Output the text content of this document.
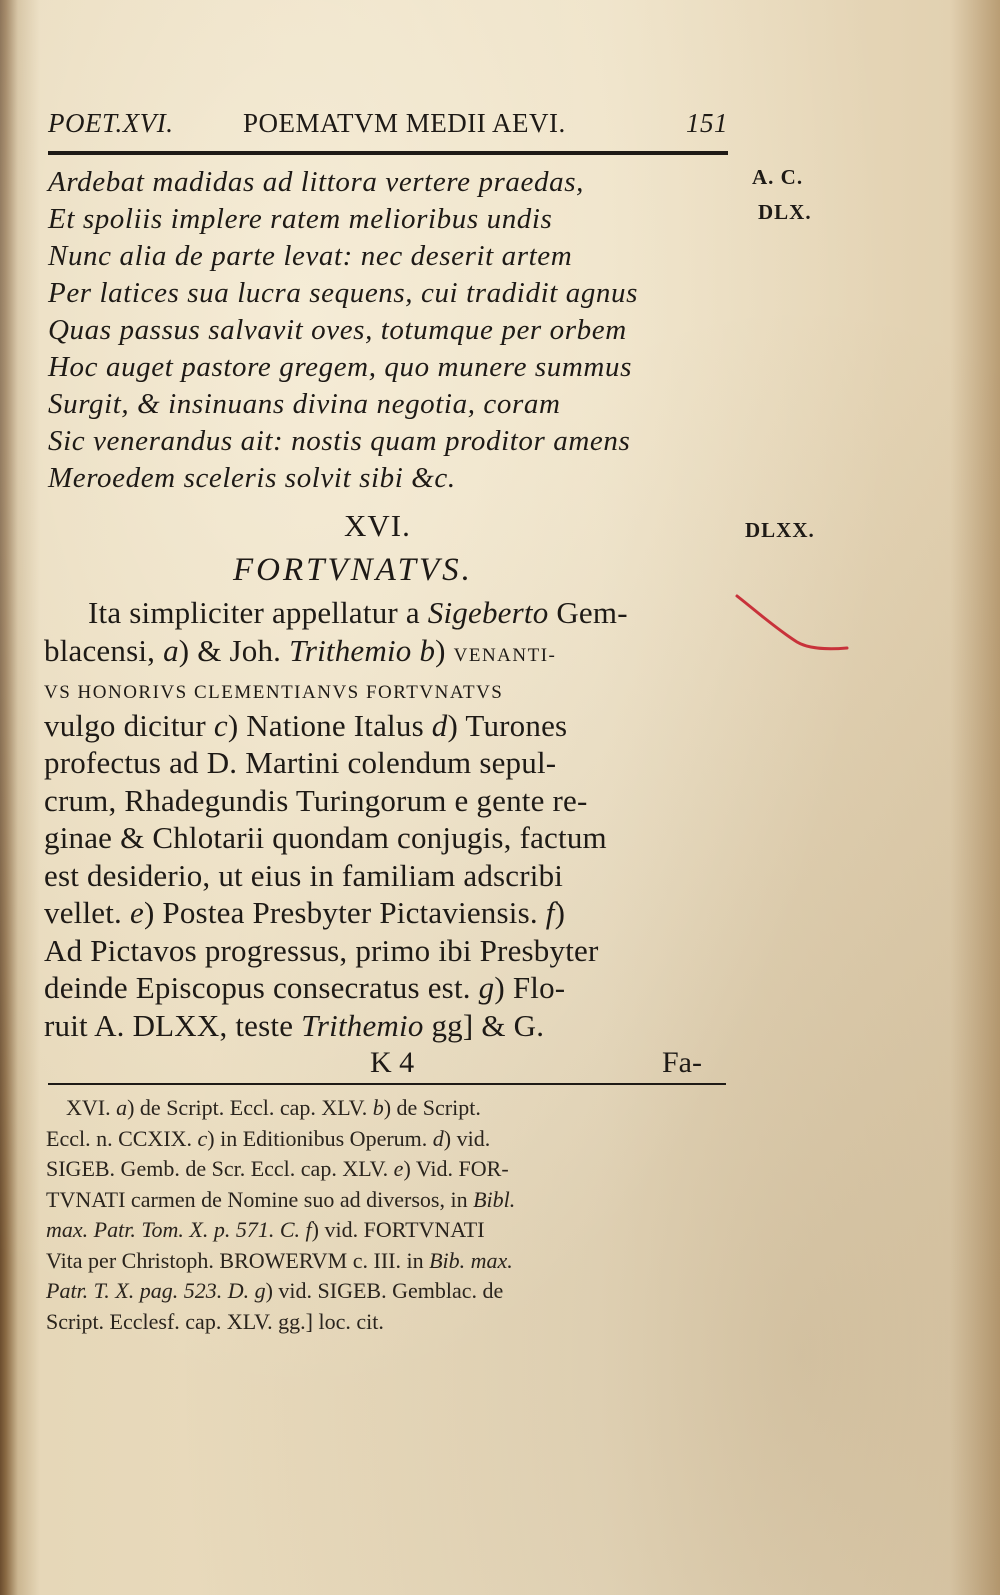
POET.XVI.	POEMATVM MEDII AEVI.	151
A. C.
DLX.
Ardebat madidas ad littora vertere praedas,
Et spoliis implere ratem melioribus undis
Nunc alia de parte levat: nec deserit artem
Per latices sua lucra sequens, cui tradidit agnus
Quas passus salvavit oves, totumque per orbem
Hoc auget pastore gregem, quo munere summus
Surgit, & insinuans divina negotia, coram
Sic venerandus ait: nostis quam proditor amens
Meroedem sceleris solvit sibi &c.
XVI.	DLXX.
FORTVNATVS.
Ita simpliciter appellatur a Sigeberto Gem-
blacensi, a) & Joh. Trithemio b) VENANTI-
VS HONORIVS CLEMENTIANVS FORTVNATVS
vulgo dicitur c) Natione Italus d) Turones
profectus ad D. Martini colendum sepul-
crum, Rhadegundis Turingorum e gente re-
ginae & Chlotarii quondam conjugis, factum
est desiderio, ut eius in familiam adscribi
vellet. e) Postea Presbyter Pictaviensis. f)
Ad Pictavos progressus, primo ibi Presbyter
deinde Episcopus consecratus est. g) Flo-
ruit A. DLXX, teste Trithemio gg] & G.
K 4	Fa-
XVI. a) de Script. Eccl. cap. XLV. b) de Script.
Eccl. n. CCXIX. c) in Editionibus Operum. d) vid.
SIGEB. Gemb. de Scr. Eccl. cap. XLV. e) Vid. FOR-
TVNATI carmen de Nomine suo ad diversos, in Bibl.
max. Patr. Tom. X. p. 571. C. f) vid. FORTVNATI
Vita per Christoph. BROWERVM c. III. in Bib. max.
Patr. T. X. pag. 523. D. g) vid. SIGEB. Gemblac. de
Script. Ecclesf. cap. XLV. gg.] loc. cit.
